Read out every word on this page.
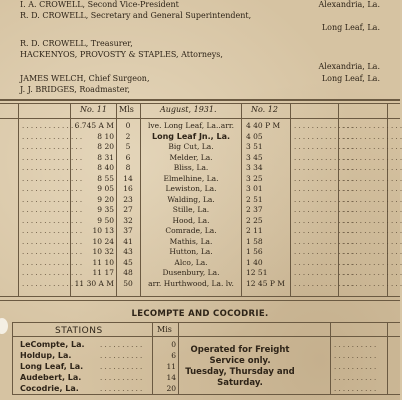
I. A. CROWELL, Second Vice-President	Alexandria, La.
R. D. CROWELL, Secretary and General Superintendent,
Long Leaf, La.
R. D. CROWELL, Treasurer,
HACKENYOS, PROVOSTY & STAPLES, Attorneys,
Alexandria, La.
JAMES WELCH, Chief Surgeon,	Long Leaf, La.
J. J. BRIDGES, Roadmaster,
No. 11 Mls	August, 1931.	No. 12
. . . . . . . . . . . . . .	. . . . . . . . . . . . . .
. . . . . . . . . . . . . .
6 745 A M	0	lve. Long Leaf, La..arr.	4 40 P M
. . . . . . . . . . . . . .	. . . . . . . . . . . . . .
. . . . . . . . . . . . . .
8 10	2	Long Leaf Jn., La.	4 05
. . . . . . . . . . . . . .	. . . . . . . . . . . . . .
. . . . . . . . . . . . . .
8 20	5	Big Cut, La.	3 51
. . . . . . . . . . . . . .	. . . . . . . . . . . . . .
. . . . . . . . . . . . . .
8 31	6	Melder, La.	3 45
. . . . . . . . . . . . . .	. . . . . . . . . . . . . .
. . . . . . . . . . . . . .
8 40	8	Bliss, La.	3 34
. . . . . . . . . . . . . .	. . . . . . . . . . . . . .
. . . . . . . . . . . . . .
8 55	14	Elmelhine, La.	3 25
. . . . . . . . . . . . . .	. . . . . . . . . . . . . .
. . . . . . . . . . . . . .
9 05	16	Lewiston, La.	3 01
. . . . . . . . . . . . . .	. . . . . . . . . . . . . .
. . . . . . . . . . . . . .
9 20	23	Walding, La.	2 51
. . . . . . . . . . . . . .	. . . . . . . . . . . . . .
. . . . . . . . . . . . . .
9 35	27	Stille, La.	2 37
. . . . . . . . . . . . . .	. . . . . . . . . . . . . .
. . . . . . . . . . . . . .
9 50	32	Hood, La.	2 25
. . . . . . . . . . . . . .	. . . . . . . . . . . . . .
. . . . . . . . . . . . . .
10 13	37	Comrade, La.	2 11
. . . . . . . . . . . . . .	. . . . . . . . . . . . . .
. . . . . . . . . . . . . .
10 24	41	Mathis, La.	1 58
. . . . . . . . . . . . . .	. . . . . . . . . . . . . .
. . . . . . . . . . . . . .
10 32	43	Hutton, La.	1 56
. . . . . . . . . . . . . .	. . . . . . . . . . . . . .
. . . . . . . . . . . . . .
11 10	45	Alco, La.	1 40
. . . . . . . . . . . . . .	. . . . . . . . . . . . . .
. . . . . . . . . . . . . .
11 17	48	Dusenbury, La.	12 51
. . . . . . . . . . . . . .	. . . . . . . . . . . . . .
. . . . . . . . . . . . . .
11 30 A M	50	arr. Hurthwood, La. lv.	12 45 P M
LECOMPTE AND COCODRIE.
STATIONS	Mis
LeCompte, La. . . . . . . . . . .	0	. . . . . . . . . .
Holdup, La.	. . . . . . . . . .	6	. . . . . . . . . .
Long Leaf, La. . . . . . . . . . .	11	. . . . . . . . . .
Audebert, La.	. . . . . . . . . .	14	. . . . . . . . . .
Cocodrie, La.	. . . . . . . . . .	20	. . . . . . . . . .
Operated for Freight
Service only.
Tuesday, Thursday and
Saturday.
